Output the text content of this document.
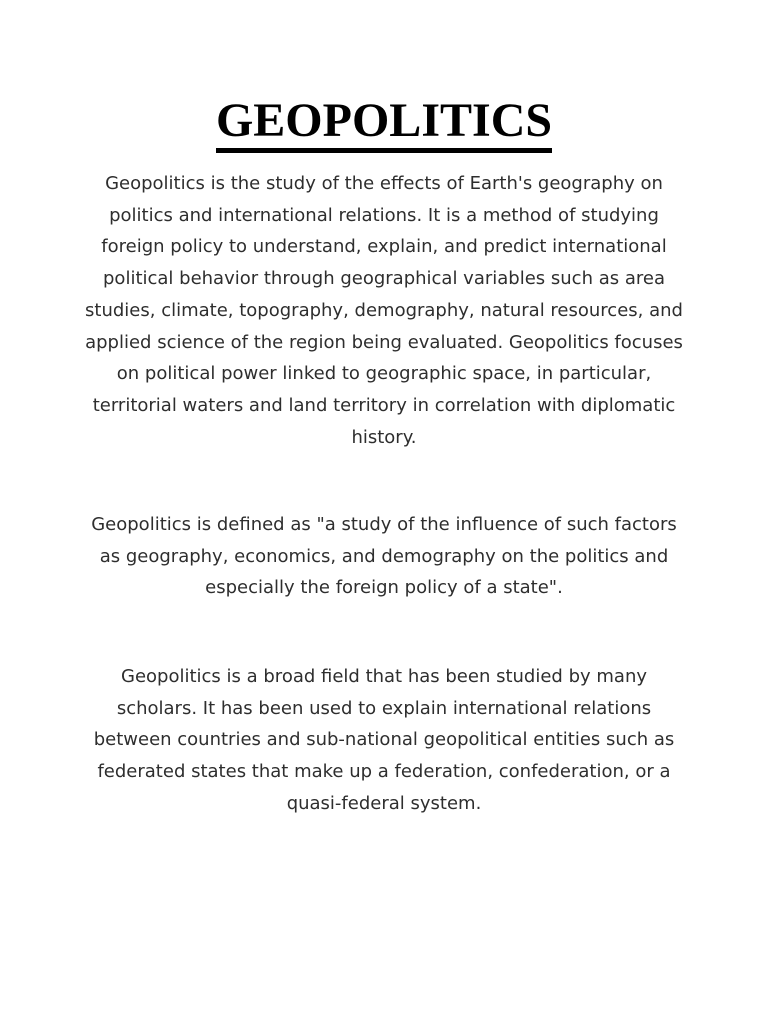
GEOPOLITICS

Geopolitics is the study of the effects of Earth's geography on politics and international relations. It is a method of studying foreign policy to understand, explain, and predict international political behavior through geographical variables such as area studies, climate, topography, demography, natural resources, and applied science of the region being evaluated. Geopolitics focuses on political power linked to geographic space, in particular, territorial waters and land territory in correlation with diplomatic history.

Geopolitics is defined as "a study of the influence of such factors as geography, economics, and demography on the politics and especially the foreign policy of a state".

Geopolitics is a broad field that has been studied by many scholars. It has been used to explain international relations between countries and sub-national geopolitical entities such as federated states that make up a federation, confederation, or a quasi-federal system.
